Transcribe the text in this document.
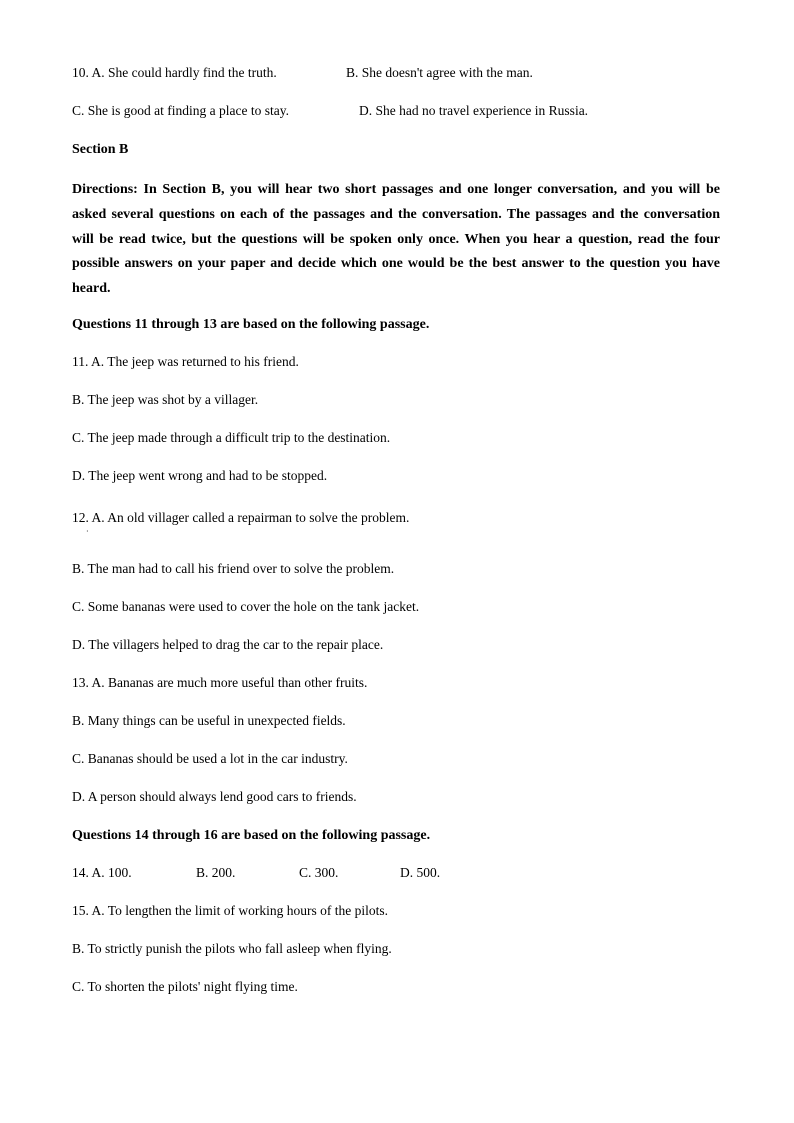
10. A. She could hardly find the truth.	B. She doesn't agree with the man.
C. She is good at finding a place to stay.	D. She had no travel experience in Russia.
Section B
Directions: In Section B, you will hear two short passages and one longer conversation, and you will be asked several questions on each of the passages and the conversation. The passages and the conversation will be read twice, but the questions will be spoken only once. When you hear a question, read the four possible answers on your paper and decide which one would be the best answer to the question you have heard.
Questions 11 through 13 are based on the following passage.
11. A. The jeep was returned to his friend.
B. The jeep was shot by a villager.
C. The jeep made through a difficult trip to the destination.
D. The jeep went wrong and had to be stopped.
12. A. An old villager called a repairman to solve the problem.
·
B. The man had to call his friend over to solve the problem.
C. Some bananas were used to cover the hole on the tank jacket.
D. The villagers helped to drag the car to the repair place.
13. A. Bananas are much more useful than other fruits.
B. Many things can be useful in unexpected fields.
C. Bananas should be used a lot in the car industry.
D. A person should always lend good cars to friends.
Questions 14 through 16 are based on the following passage.
14. A. 100.	B. 200.	C. 300.	D. 500.
15. A. To lengthen the limit of working hours of the pilots.
B. To strictly punish the pilots who fall asleep when flying.
C. To shorten the pilots' night flying time.
